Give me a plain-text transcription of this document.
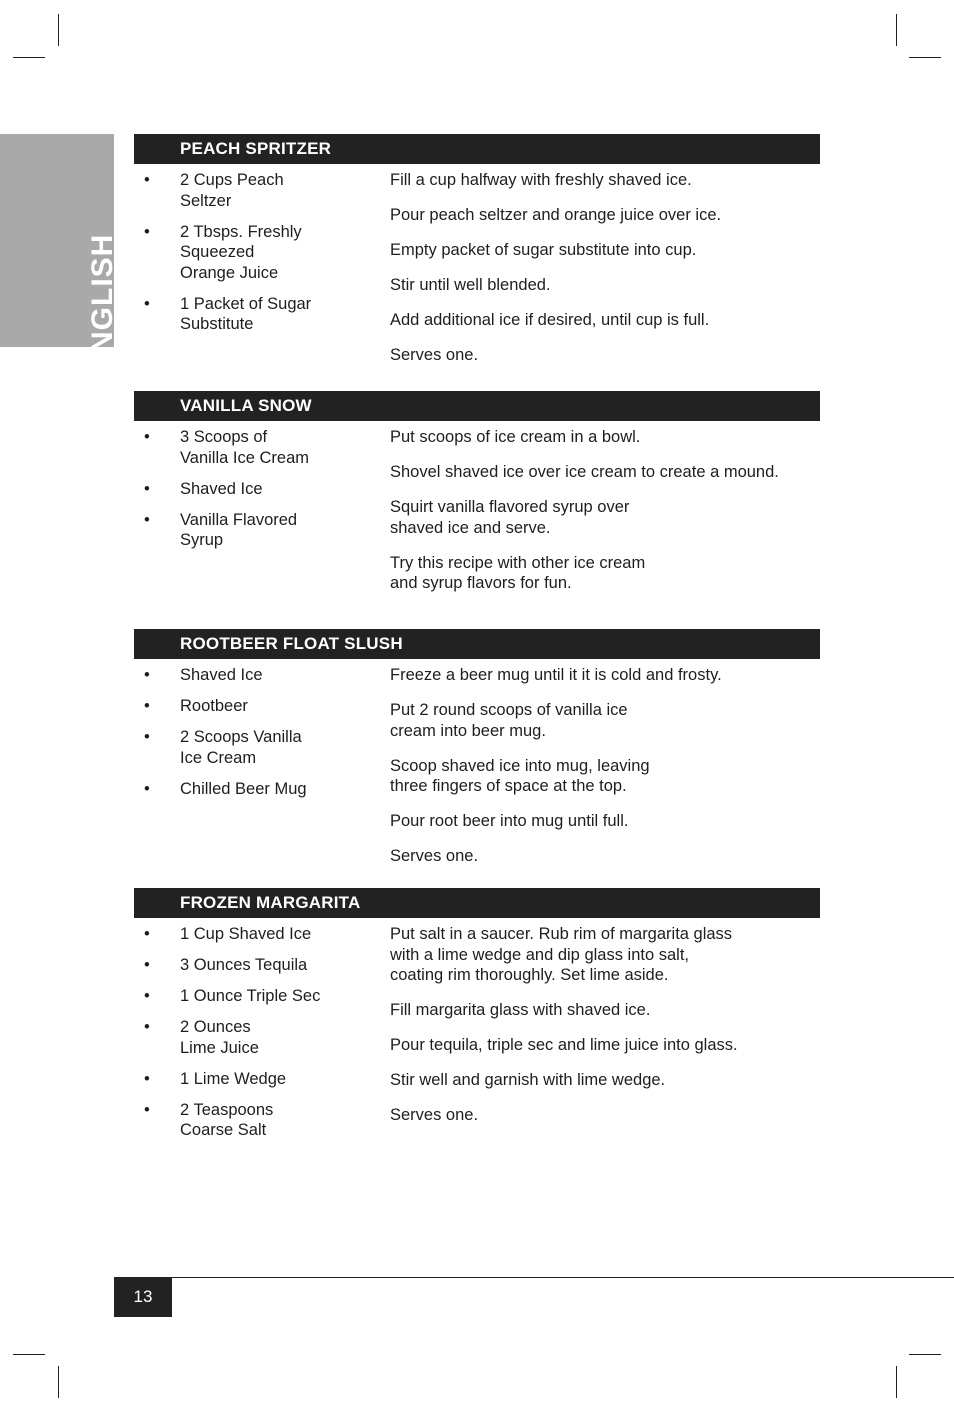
ENGLISH
PEACH SPRITZER
• 2 Cups Peach
Seltzer
• 2 Tbsps. Freshly
Squeezed
Orange Juice
• 1 Packet of Sugar
Substitute

Fill a cup halfway with freshly shaved ice.

Pour peach seltzer and orange juice over ice.

Empty packet of sugar substitute into cup.

Stir until well blended.

Add additional ice if desired, until cup is full.

Serves one.

VANILLA SNOW
• 3 Scoops of
Vanilla Ice Cream
• Shaved Ice
• Vanilla Flavored
Syrup

Put scoops of ice cream in a bowl.

Shovel shaved ice over ice cream to create a mound.

Squirt vanilla flavored syrup over
shaved ice and serve.

Try this recipe with other ice cream
and syrup flavors for fun.

ROOTBEER FLOAT SLUSH
• Shaved Ice
• Rootbeer
• 2 Scoops Vanilla
Ice Cream
• Chilled Beer Mug

Freeze a beer mug until it it is cold and frosty.

Put 2 round scoops of vanilla ice
cream into beer mug.

Scoop shaved ice into mug, leaving
three fingers of space at the top.

Pour root beer into mug until full.

Serves one.

FROZEN MARGARITA
• 1 Cup Shaved Ice
• 3 Ounces Tequila
• 1 Ounce Triple Sec
• 2 Ounces
Lime Juice
• 1 Lime Wedge
• 2 Teaspoons
Coarse Salt

Put salt in a saucer. Rub rim of margarita glass
with a lime wedge and dip glass into salt,
coating rim thoroughly. Set lime aside.

Fill margarita glass with shaved ice.

Pour tequila, triple sec and lime juice into glass.

Stir well and garnish with lime wedge.

Serves one.

13
